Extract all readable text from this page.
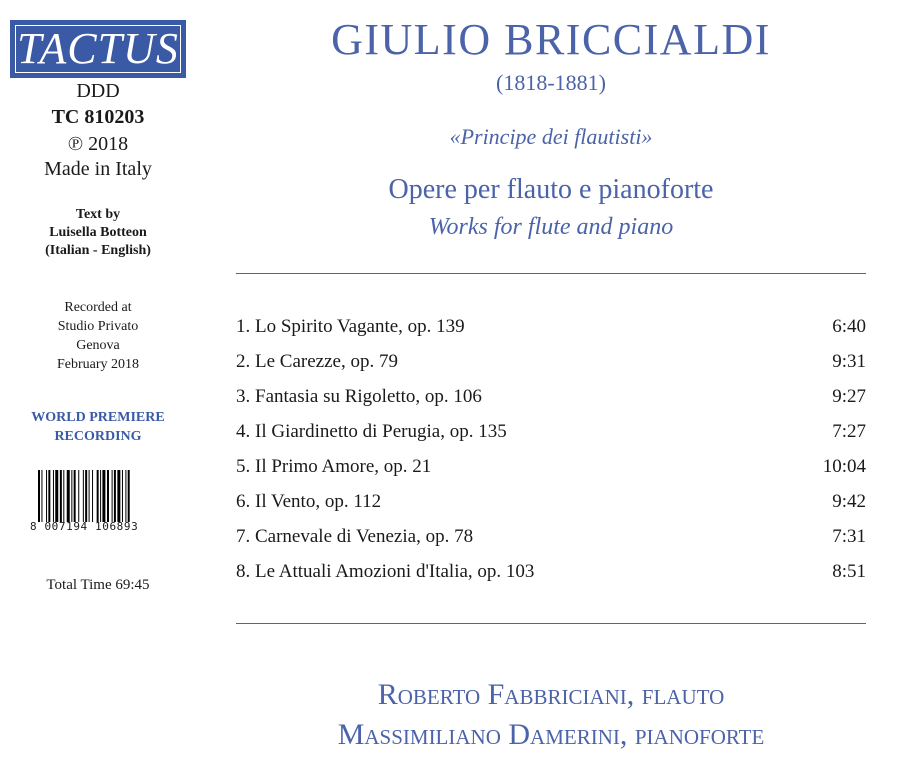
TACTUS
DDD
TC 810203
℗ 2018
Made in Italy
Text by
Luisella Botteon
(Italian - English)
Recorded at
Studio Privato
Genova
February 2018
WORLD PREMIERE
RECORDING
8 007194 106893
Total Time 69:45
GIULIO BRICCIALDI
(1818-1881)
«Principe dei flautisti»
Opere per flauto e pianoforte
Works for flute and piano
1. Lo Spirito Vagante, op. 139	6:40
2. Le Carezze, op. 79	9:31
3. Fantasia su Rigoletto, op. 106	9:27
4. Il Giardinetto di Perugia, op. 135	7:27
5. Il Primo Amore, op. 21	10:04
6. Il Vento, op. 112	9:42
7. Carnevale di Venezia, op. 78	7:31
8. Le Attuali Amozioni d'Italia, op. 103	8:51
Roberto Fabbriciani, flauto
Massimiliano Damerini, pianoforte
